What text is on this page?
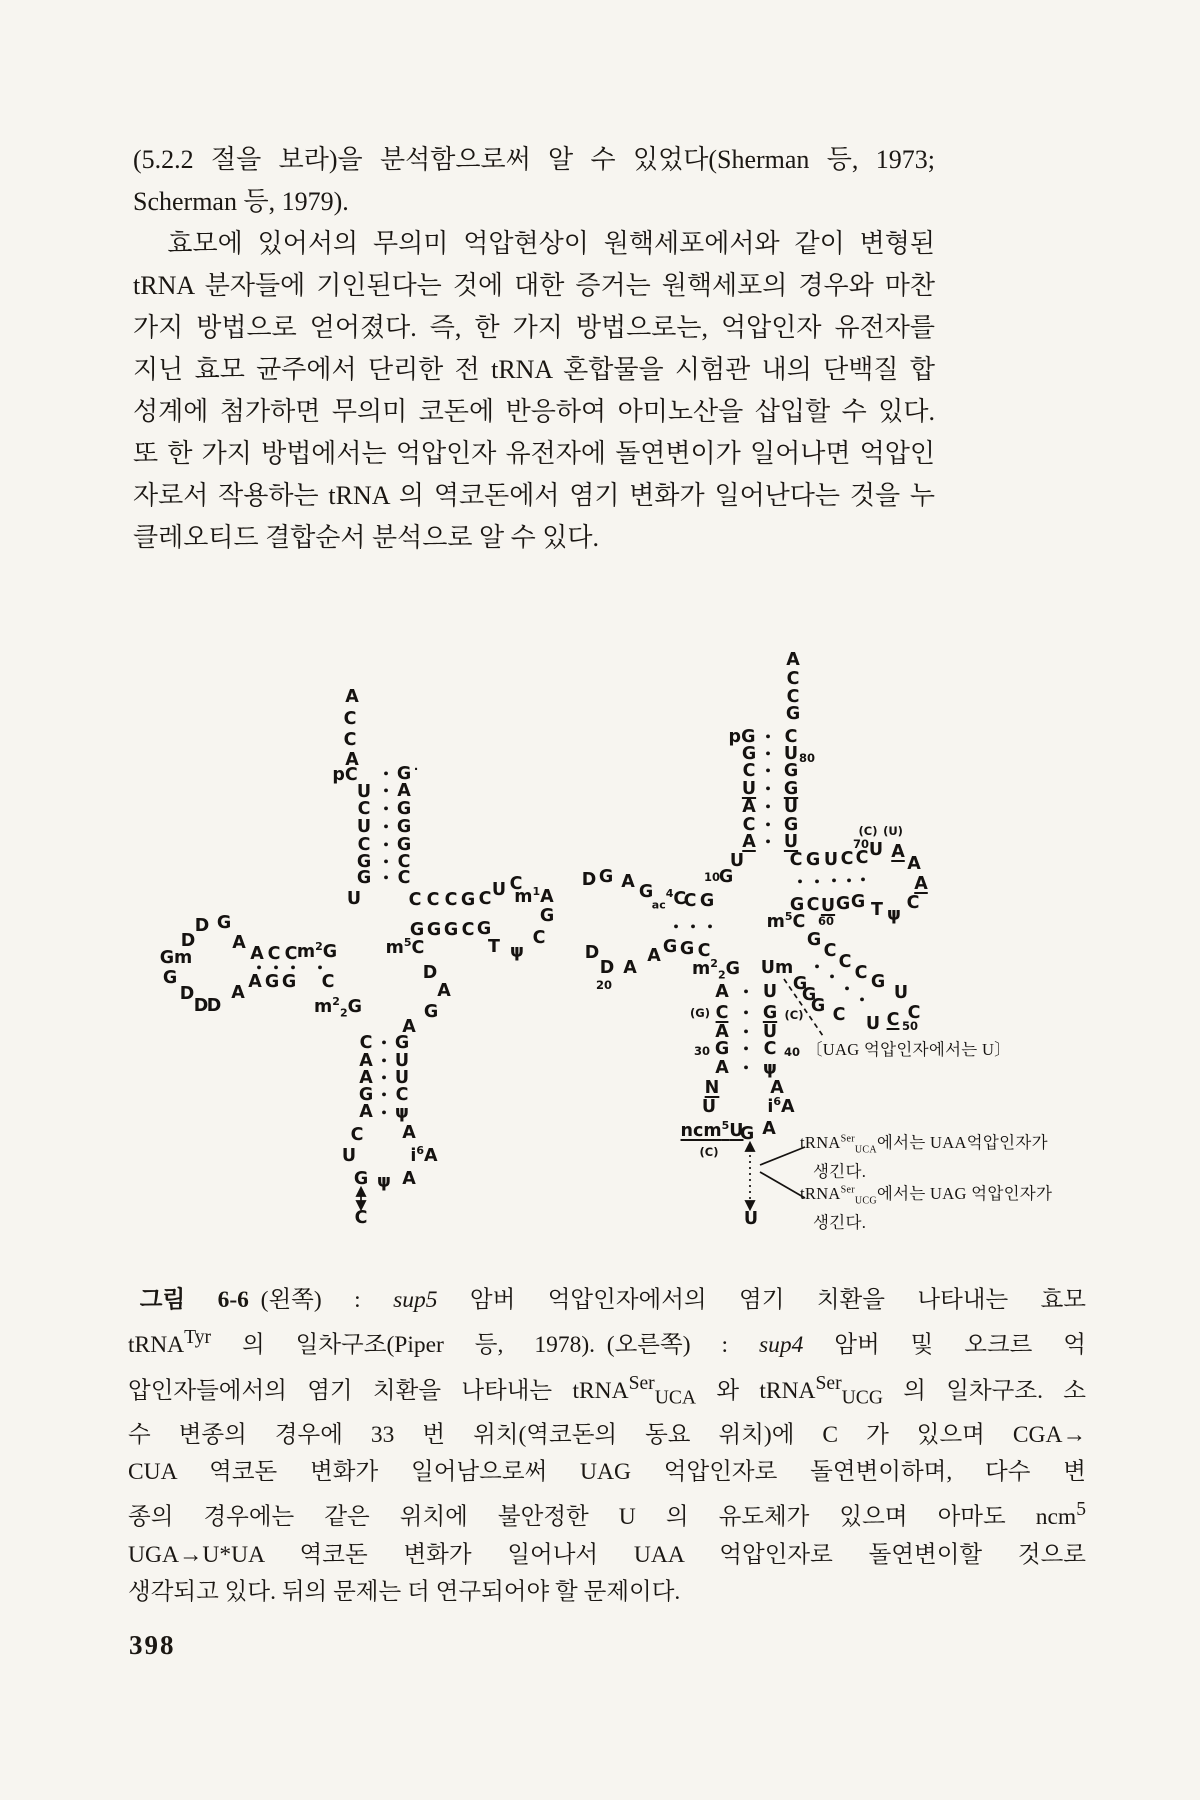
(5.2.2 절을 보라)을 분석함으로써 알 수 있었다(Sherman 등, 1973;

Scherman 등, 1979).

　효모에 있어서의 무의미 억압현상이 원핵세포에서와 같이 변형된

tRNA 분자들에 기인된다는 것에 대한 증거는 원핵세포의 경우와 마찬

가지 방법으로 얻어졌다. 즉, 한 가지 방법으로는, 억압인자 유전자를

지닌 효모 균주에서 단리한 전 tRNA 혼합물을 시험관 내의 단백질 합

성계에 첨가하면 무의미 코돈에 반응하여 아미노산을 삽입할 수 있다.

또 한 가지 방법에서는 억압인자 유전자에 돌연변이가 일어나면 억압인

자로서 작용하는 tRNA 의 역코돈에서 염기 변화가 일어난다는 것을 누

클레오티드 결합순서 분석으로 알 수 있다.

A
C
C
A
pC • G ·
U • A
C • G
U • G
C • G
G • C
G • C
U	C C C G C U C
$m^1A$
G
C
ψ
T
G G G C G
$m^5C$
D
A
G
A
A
A C C $m^2G$
• • • •
A G G C
A
D G
D
Gm
G
D
D
D	$m^2_2G$
C • G
A • U
A • U
G • C
A • ψ
C
U
G ψ A
$i^6A$
A
C
A
C
C
G
pG • C
G • U 80
C • G
U • G
A • U
C • G
A • U
U
D G A G
$_{ac}^4$C
C G
10
G
• • •
G G C
A
A
D
20
D
$m^2_2G$ Um
$m^5C$
G
C
C
C G
U
C
C 50
U
C
G
G
G
•
•
•
•
G C U
60
G G T ψ
C
A
A
A
U
(C) (U)
C G U C C
70
• • • • •
A • U
(G) C • G (C)
A • U
30 G • C 40
A • ψ
N
U
ncm$^5$U
(C)
G A
$i^6A$
A
U
〔UAG 억압인자에서는 U〕
tRNA$^{Ser}_{UCA}$에서는 UAA억압인자가
생긴다.
tRNA$^{Ser}_{UCG}$에서는 UAG 억압인자가
생긴다.

 그림 6-6 (왼쪽) : sup5 암버 억압인자에서의 염기 치환을 나타내는 효모

tRNA$^{Tyr}$ 의 일차구조(Piper 등, 1978). (오른쪽) : sup4 암버 및 오크르 억

압인자들에서의 염기 치환을 나타내는 tRNA$^{Ser}_{UCA}$ 와 tRNA$^{Ser}_{UCG}$ 의 일차구조. 소

수 변종의 경우에 33 번 위치(역코돈의 동요 위치)에 C 가 있으며 CGA→

CUA 역코돈 변화가 일어남으로써 UAG 억압인자로 돌연변이하며, 다수 변

종의 경우에는 같은 위치에 불안정한 U 의 유도체가 있으며 아마도 ncm$^5$

UGA→U*UA 역코돈 변화가 일어나서 UAA 억압인자로 돌연변이할 것으로

생각되고 있다. 뒤의 문제는 더 연구되어야 할 문제이다.

398
